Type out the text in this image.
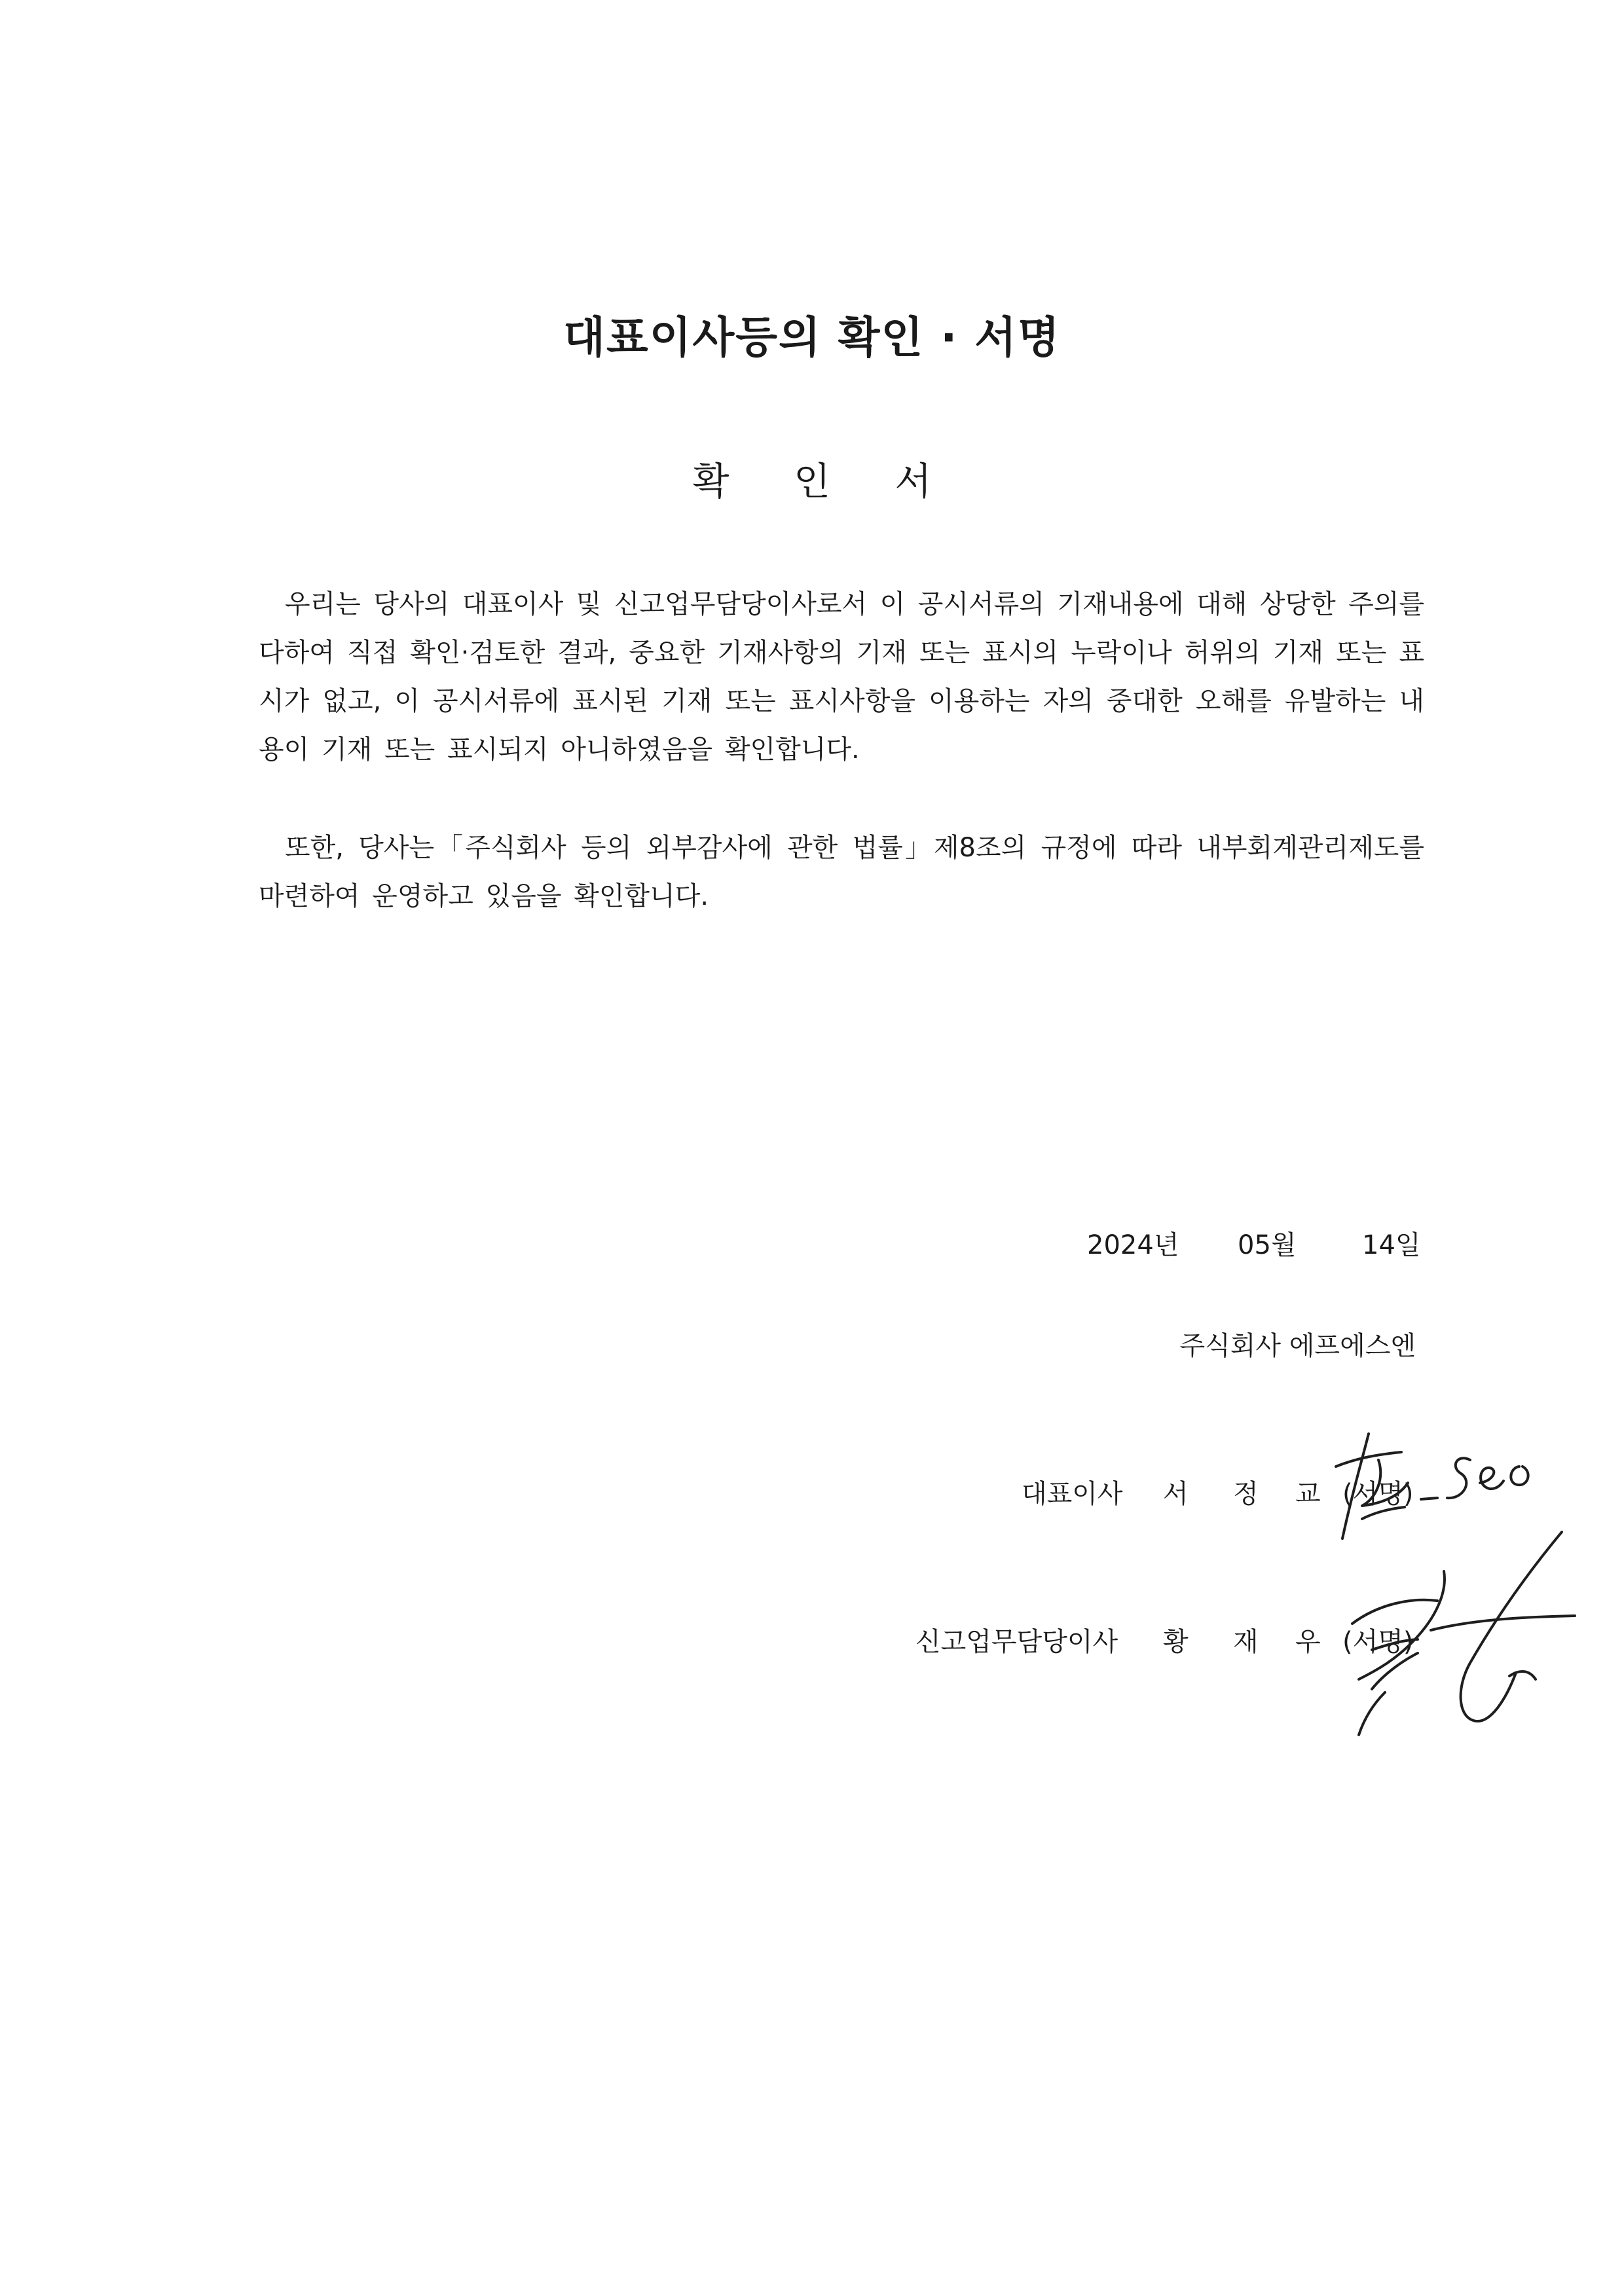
대표이사등의 확인 · 서명
확 인 서
우리는 당사의 대표이사 및 신고업무담당이사로서 이 공시서류의 기재내용에 대해 상당한 주의를 다하여 직접 확인·검토한 결과, 중요한 기재사항의 기재 또는 표시의 누락이나 허위의 기재 또는 표시가 없고, 이 공시서류에 표시된 기재 또는 표시사항을 이용하는 자의 중대한 오해를 유발하는 내용이 기재 또는 표시되지 아니하였음을 확인합니다.
또한, 당사는「주식회사 등의 외부감사에 관한 법률」제8조의 규정에 따라 내부회계관리제도를 마련하여 운영하고 있음을 확인합니다.
2024년 05월	14일
주식회사 에프에스엔
대표이사 서 정 교 (서명)
신고업무담당이사 황 재 우 (서명)
